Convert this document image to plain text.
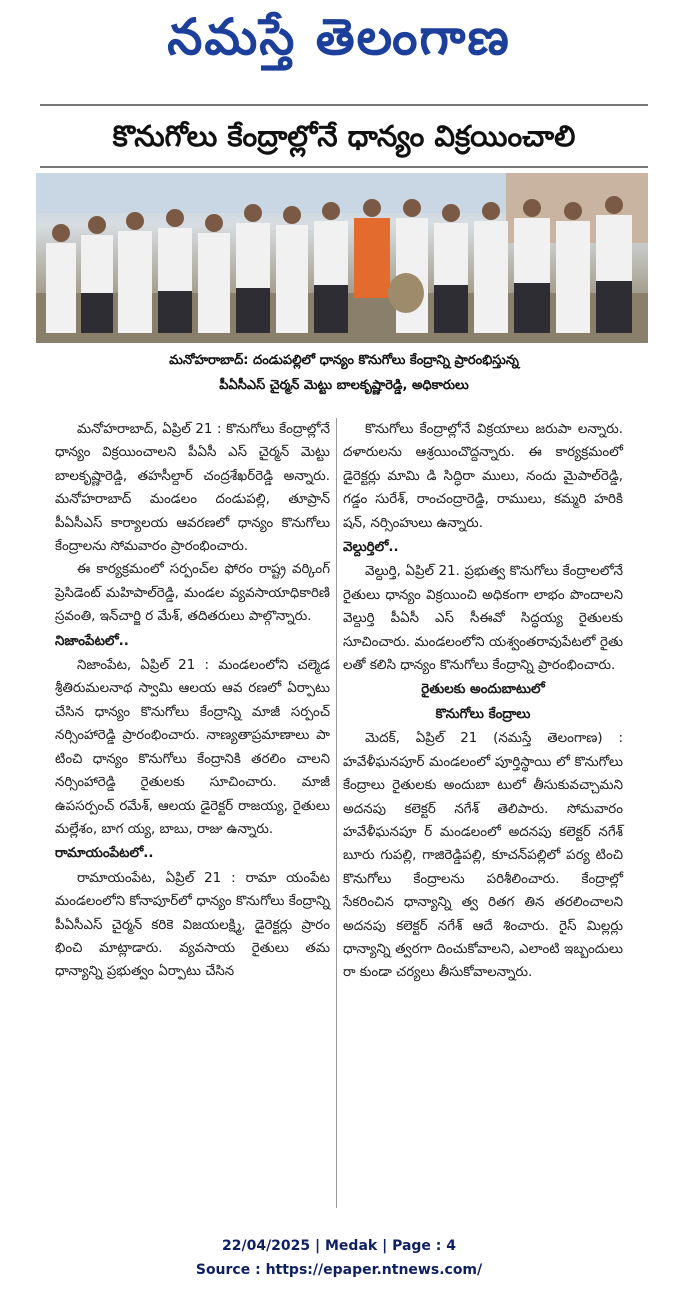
నమస్తే తెలంగాణ
కొనుగోలు కేంద్రాల్లోనే ధాన్యం విక్రయించాలి
మనోహరాబాద్‌: దండుపల్లిలో ధాన్యం కొనుగోలు కేంద్రాన్ని ప్రారంభిస్తున్న
పీఏసీఎస్‌ చైర్మన్‌ మెట్టు బాలకృష్ణారెడ్డి, అధికారులు

మనోహరాబాద్‌, ఏప్రిల్‌ 21 : కొనుగోలు కేంద్రాల్లోనే ధాన్యం విక్రయించాలని పీఏసీ ఎస్‌ చైర్మన్‌ మెట్టు బాలకృష్ణారెడ్డి, తహసీల్దార్‌ చంద్రశేఖర్‌రెడ్డి అన్నారు. మనోహరాబాద్‌ మండలం దండుపల్లి, తూప్రాన్‌ పీఏసీఎస్‌ కార్యాలయ ఆవరణలో ధాన్యం కొనుగోలు కేంద్రాలను సోమవారం ప్రారంభించారు.

ఈ కార్యక్రమంలో సర్పంచ్‌ల ఫోరం రాష్ట్ర వర్కింగ్‌ ప్రెసిడెంట్‌ మహిపాల్‌రెడ్డి, మండల వ్యవసాయాధికారిణి స్రవంతి, ఇన్‌చార్జి ర మేశ్‌, తదితరులు పాల్గొన్నారు.

నిజాంపేటలో..

నిజాంపేట, ఏప్రిల్‌ 21 : మండలంలోని చల్మెడ శ్రీతిరుమలనాథ స్వామి ఆలయ ఆవ రణలో ఏర్పాటు చేసిన ధాన్యం కొనుగోలు కేంద్రాన్ని మాజీ సర్పంచ్‌ నర్సింహారెడ్డి ప్రారంభించారు. నాణ్యతాప్రమాణాలు పా టించి ధాన్యం కొనుగోలు కేంద్రానికి తరలిం చాలని నర్సింహారెడ్డి రైతులకు సూచించారు. మాజీ ఉపసర్పంచ్‌ రమేశ్‌, ఆలయ డైరెక్టర్‌ రాజయ్య, రైతులు మల్లేశం, బాగ య్య, బాబు, రాజు ఉన్నారు.

రామాయంపేటలో..

రామాయంపేట, ఏప్రిల్‌ 21 : రామా యంపేట మండలంలోని కోనాపూర్‌లో ధాన్యం కొనుగోలు కేంద్రాన్ని పీఏసీఎస్‌ చైర్మన్‌ కరికె విజయలక్ష్మి, డైరెక్టర్లు ప్రారం భించి మాట్లాడారు. వ్యవసాయ రైతులు తమ ధాన్యాన్ని ప్రభుత్వం ఏర్పాటు చేసిన

కొనుగోలు కేంద్రాల్లోనే విక్రయాలు జరుపా లన్నారు. దళారులను ఆశ్రయించొద్దన్నారు. ఈ కార్యక్రమంలో డైరెక్టర్లు మామి డి సిద్ధిరా ములు, నందు మైపాల్‌రెడ్డి, గడ్డం సురేశ్‌, రాంచంద్రారెడ్డి, రాములు, కమ్మరి హరికి షన్‌, నర్సింహులు ఉన్నారు.

వెల్దుర్తిలో..

వెల్దుర్తి, ఏప్రిల్‌ 21. ప్రభుత్వ కొనుగోలు కేంద్రాలలోనే రైతులు ధాన్యం విక్రయించి అధికంగా లాభం పొందాలని వెల్దుర్తి పీఏసీ ఎస్‌ సీఈవో సిద్ధయ్య రైతులకు సూచించారు. మండలంలోని యశ్వంతరావుపేటలో రైతు లతో కలిసి ధాన్యం కొనుగోలు కేంద్రాన్ని ప్రారంభించారు.

రైతులకు అందుబాటులో

కొనుగోలు కేంద్రాలు

మెదక్‌, ఏప్రిల్‌ 21 (నమస్తే తెలంగాణ) : హవేళీఘనపూర్‌ మండలంలో పూర్తిస్థాయి లో కొనుగోలు కేంద్రాలు రైతులకు అందుబా టులో తీసుకువచ్చామని అదనపు కలెక్టర్‌ నగేశ్‌ తెలిపారు. సోమవారం హవేళీఘనపూ ర్‌ మండలంలో అదనపు కలెక్టర్‌ నగేశ్‌ బూరు గుపల్లి, గాజిరెడ్డిపల్లి, కూచన్‌పల్లిలో పర్య టించి కొనుగోలు కేంద్రాలను పరిశీలించారు. కేంద్రాల్లో సేకరించిన ధాన్యాన్ని త్వ రితగ తిన తరలించాలని అదనపు కలెక్టర్‌ నగేశ్‌ ఆదే శించారు. రైస్‌ మిల్లర్లు ధాన్యాన్ని త్వరగా దించుకోవాలని, ఎలాంటి ఇబ్బందులు రా కుండా చర్యలు తీసుకోవాలన్నారు.

22/04/2025 | Medak | Page : 4
Source : https://epaper.ntnews.com/
